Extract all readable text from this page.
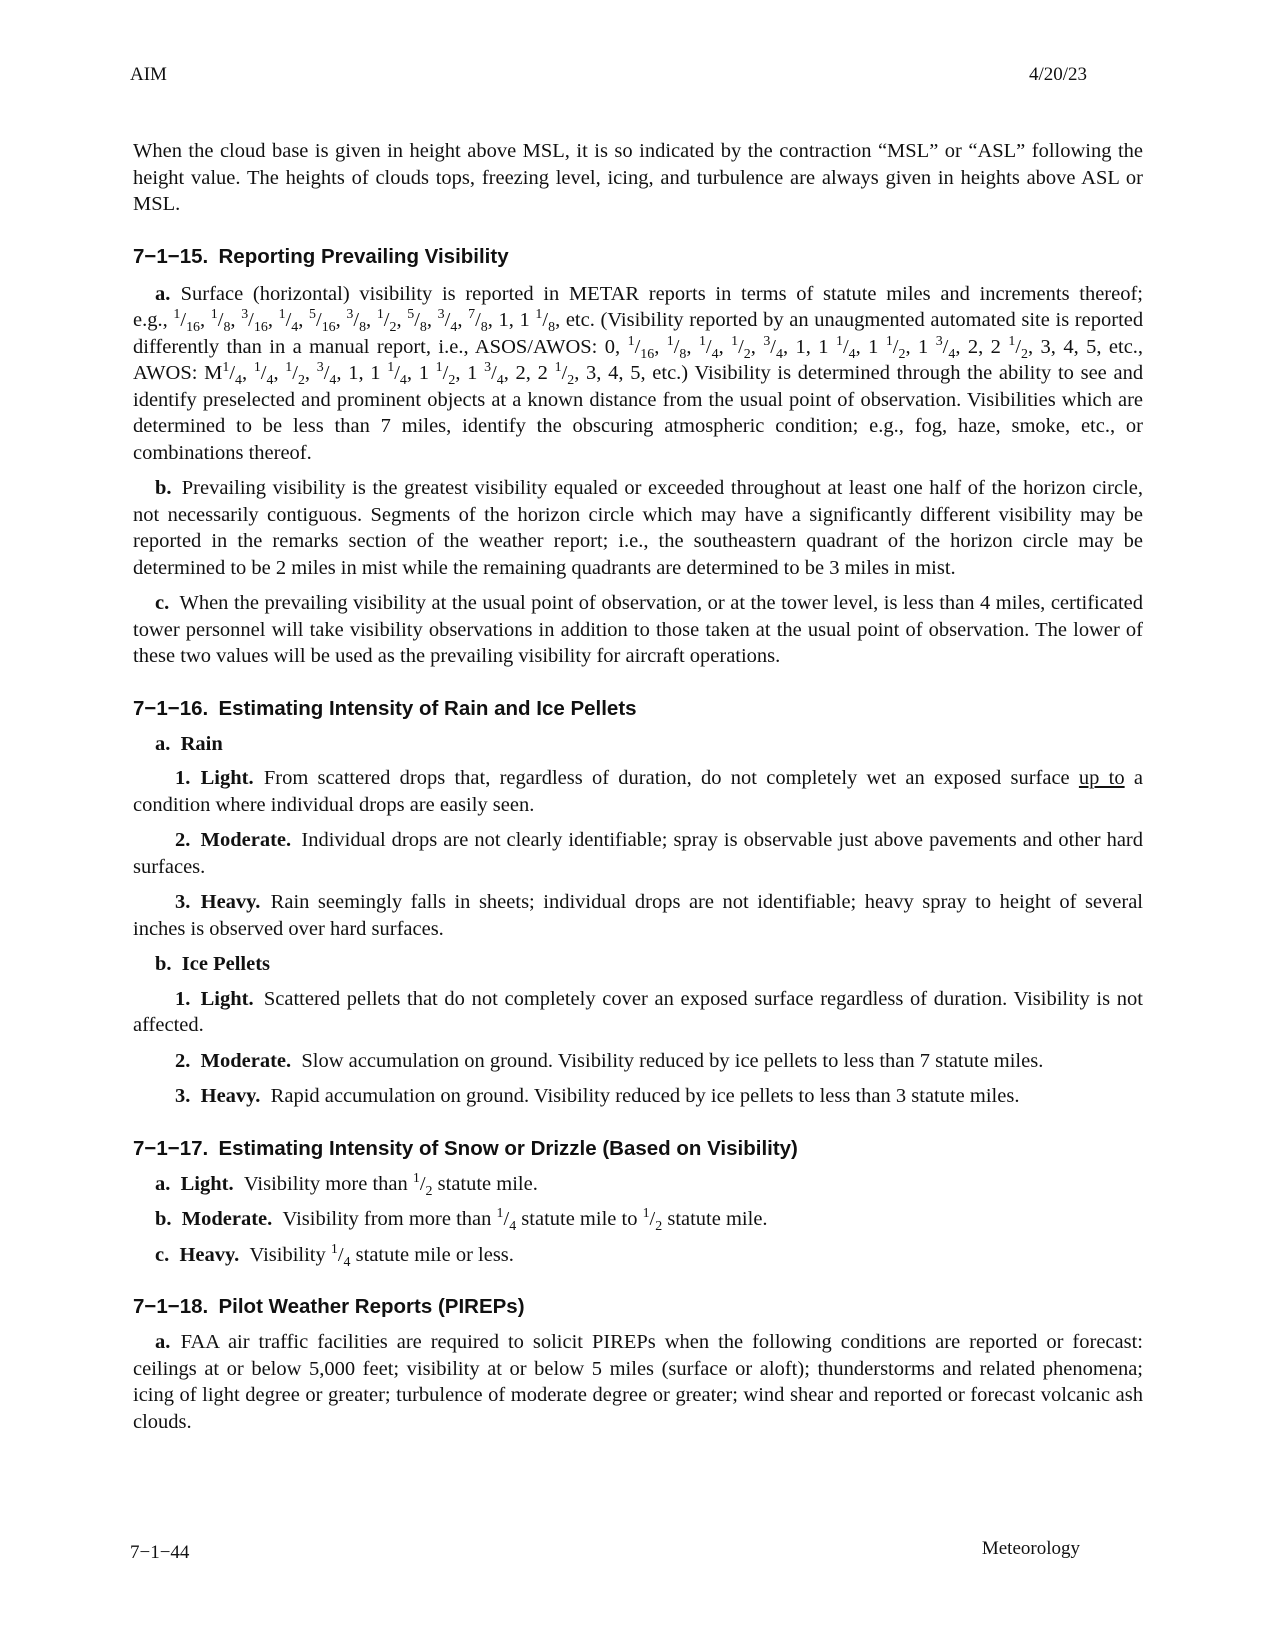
AIM	4/20/23

When the cloud base is given in height above MSL, it is so indicated by the contraction “MSL” or “ASL” following the height value. The heights of clouds tops, freezing level, icing, and turbulence are always given in heights above ASL or MSL.

7−1−15. Reporting Prevailing Visibility

a.  Surface (horizontal) visibility is reported in METAR reports in terms of statute miles and increments thereof; e.g., $^1/_{16}$, $^1/_8$, $^3/_{16}$, $^1/_4$, $^5/_{16}$, $^3/_8$, $^1/_2$, $^5/_8$, $^3/_4$, $^7/_8$, 1, 1 $^1/_8$, etc. (Visibility reported by an unaugmented automated site is reported differently than in a manual report, i.e., ASOS/AWOS: 0, $^1/_{16}$, $^1/_8$, $^1/_4$, $^1/_2$, $^3/_4$, 1, 1 $^1/_4$, 1 $^1/_2$, 1 $^3/_4$, 2, 2 $^1/_2$, 3, 4, 5, etc., AWOS: $M^1/_4$, $^1/_4$, $^1/_2$, $^3/_4$, 1, 1 $^1/_4$, 1 $^1/_2$, 1 $^3/_4$, 2, 2 $^1/_2$, 3, 4, 5, etc.) Visibility is determined through the ability to see and identify preselected and prominent objects at a known distance from the usual point of observation. Visibilities which are determined to be less than 7 miles, identify the obscuring atmospheric condition; e.g., fog, haze, smoke, etc., or combinations thereof.

b.  Prevailing visibility is the greatest visibility equaled or exceeded throughout at least one half of the horizon circle, not necessarily contiguous. Segments of the horizon circle which may have a significantly different visibility may be reported in the remarks section of the weather report; i.e., the southeastern quadrant of the horizon circle may be determined to be 2 miles in mist while the remaining quadrants are determined to be 3 miles in mist.

c.  When the prevailing visibility at the usual point of observation, or at the tower level, is less than 4 miles, certificated tower personnel will take visibility observations in addition to those taken at the usual point of observation. The lower of these two values will be used as the prevailing visibility for aircraft operations.

7−1−16. Estimating Intensity of Rain and Ice Pellets

a. Rain

1. Light.  From scattered drops that, regardless of duration, do not completely wet an exposed surface up to a condition where individual drops are easily seen.

2. Moderate.  Individual drops are not clearly identifiable; spray is observable just above pavements and other hard surfaces.

3. Heavy.  Rain seemingly falls in sheets; individual drops are not identifiable; heavy spray to height of several inches is observed over hard surfaces.

b. Ice Pellets

1. Light.  Scattered pellets that do not completely cover an exposed surface regardless of duration. Visibility is not affected.

2. Moderate.  Slow accumulation on ground. Visibility reduced by ice pellets to less than 7 statute miles.

3. Heavy.  Rapid accumulation on ground. Visibility reduced by ice pellets to less than 3 statute miles.

7−1−17. Estimating Intensity of Snow or Drizzle (Based on Visibility)

a. Light.  Visibility more than $^1/_2$ statute mile.

b. Moderate.  Visibility from more than $^1/_4$ statute mile to $^1/_2$ statute mile.

c. Heavy.  Visibility $^1/_4$ statute mile or less.

7−1−18. Pilot Weather Reports (PIREPs)

a.  FAA air traffic facilities are required to solicit PIREPs when the following conditions are reported or forecast: ceilings at or below 5,000 feet; visibility at or below 5 miles (surface or aloft); thunderstorms and related phenomena; icing of light degree or greater; turbulence of moderate degree or greater; wind shear and reported or forecast volcanic ash clouds.

7−1−44	Meteorology
